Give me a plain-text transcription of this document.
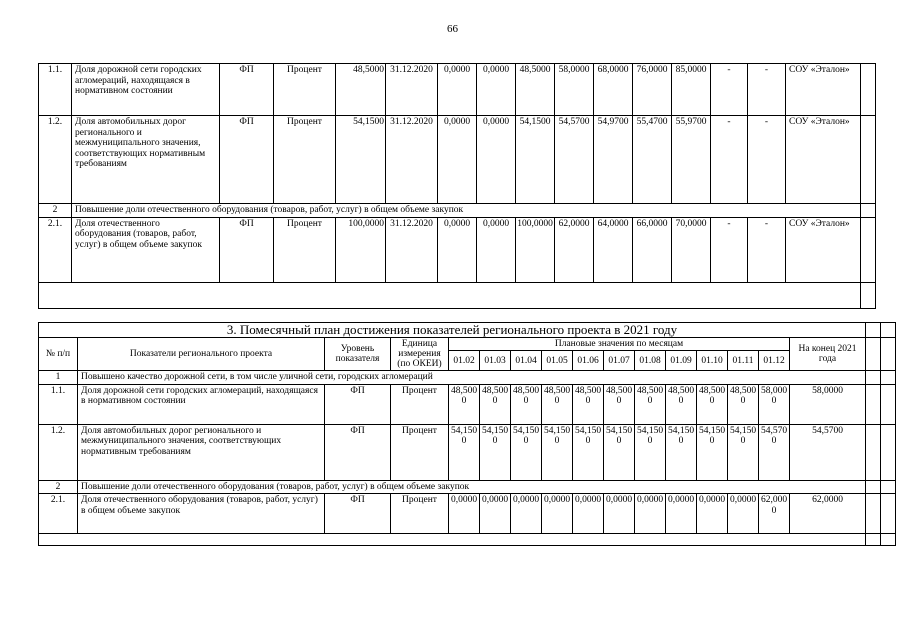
66
1.1.	Доля дорожной сети городских агломераций, находящаяся в нормативном состоянии	ФП	Процент	48,5000	31.12.2020	0,0000	0,0000	48,5000	58,0000	68,0000	76,0000	85,0000	-	-	СОУ «Эталон»	
1.2.	Доля автомобильных дорог регионального и межмуниципального значения, соответствующих нормативным требованиям	ФП	Процент	54,1500	31.12.2020	0,0000	0,0000	54,1500	54,5700	54,9700	55,4700	55,9700	-	-	СОУ «Эталон»	
2	Повышение доли отечественного оборудования (товаров, работ, услуг) в общем объеме закупок															
2.1.	Доля отечественного оборудования (товаров, работ, услуг) в общем объеме закупок	ФП	Процент	100,0000	31.12.2020	0,0000	0,0000	100,0000	62,0000	64,0000	66,0000	70,0000	-	-	СОУ «Эталон»	

3. Помесячный план достижения показателей регионального проекта в 2021 году																	
№ п/п	Показатели регионального проекта	Уровень показателя	Единица измерения (по ОКЕИ)	Плановые значения по месяцам											На конец 2021 года		
				01.02	01.03	01.04	01.05	01.06	01.07	01.08	01.09	01.10	01.11	01.12			
1	Повышено качество дорожной сети, в том числе уличной сети, городских агломераций																
1.1.	Доля дорожной сети городских агломераций, находящаяся в нормативном состоянии	ФП	Процент	48,5000	48,5000	48,5000	48,5000	48,5000	48,5000	48,5000	48,5000	48,5000	48,5000	58,0000	58,0000		
1.2.	Доля автомобильных дорог регионального и межмуниципального значения, соответствующих нормативным требованиям	ФП	Процент	54,1500	54,1500	54,1500	54,1500	54,1500	54,1500	54,1500	54,1500	54,1500	54,1500	54,5700	54,5700		
2	Повышение доли отечественного оборудования (товаров, работ, услуг) в общем объеме закупок																
2.1.	Доля отечественного оборудования (товаров, работ, услуг) в общем объеме закупок	ФП	Процент	0,0000	0,0000	0,0000	0,0000	0,0000	0,0000	0,0000	0,0000	0,0000	0,0000	62,0000	62,0000		
